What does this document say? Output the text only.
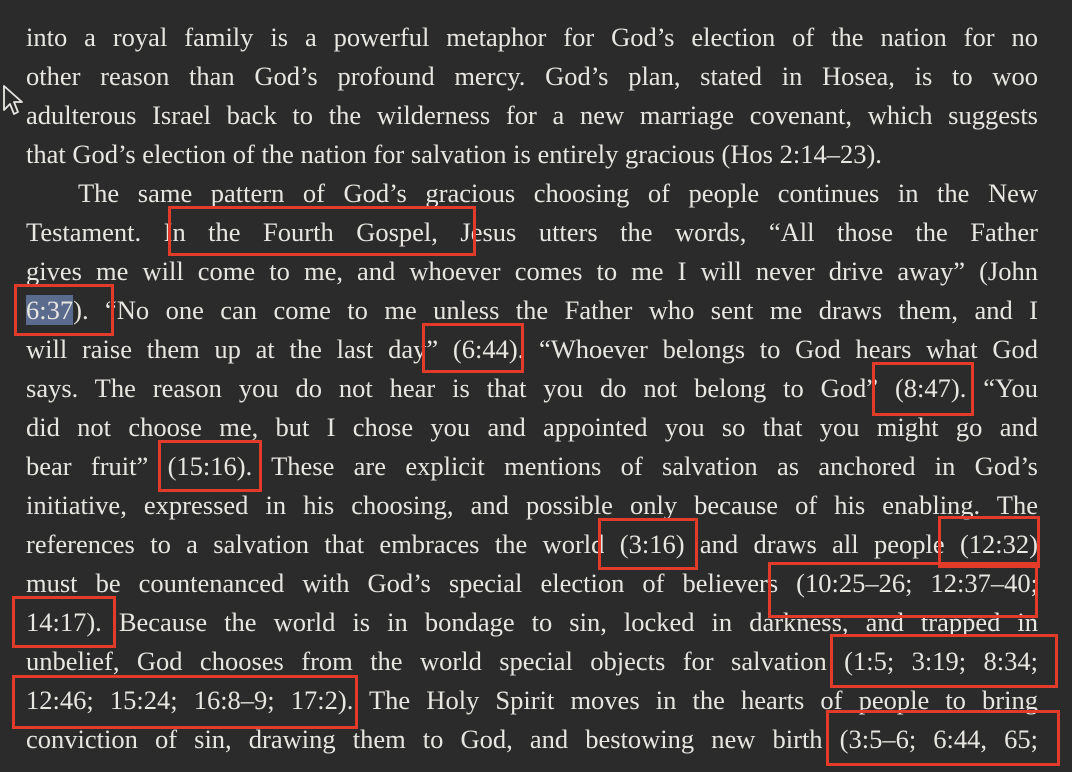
into a royal family is a powerful metaphor for God’s election of the nation for no
other reason than God’s profound mercy. God’s plan, stated in Hosea, is to woo
adulterous Israel back to the wilderness for a new marriage covenant, which suggests
that God’s election of the nation for salvation is entirely gracious (Hos 2:14–23).
The same pattern of God’s gracious choosing of people continues in the New
Testament. In the Fourth Gospel, Jesus utters the words, “All those the Father
gives me will come to me, and whoever comes to me I will never drive away” (John
6:37). “No one can come to me unless the Father who sent me draws them, and I
will raise them up at the last day” (6:44). “Whoever belongs to God hears what God
says. The reason you do not hear is that you do not belong to God” (8:47). “You
did not choose me, but I chose you and appointed you so that you might go and
bear fruit” (15:16). These are explicit mentions of salvation as anchored in God’s
initiative, expressed in his choosing, and possible only because of his enabling. The
references to a salvation that embraces the world (3:16) and draws all people (12:32)
must be countenanced with God’s special election of believers (10:25–26; 12:37–40;
14:17). Because the world is in bondage to sin, locked in darkness, and trapped in
unbelief, God chooses from the world special objects for salvation (1:5; 3:19; 8:34;
12:46; 15:24; 16:8–9; 17:2). The Holy Spirit moves in the hearts of people to bring
conviction of sin, drawing them to God, and bestowing new birth (3:5–6; 6:44, 65;
